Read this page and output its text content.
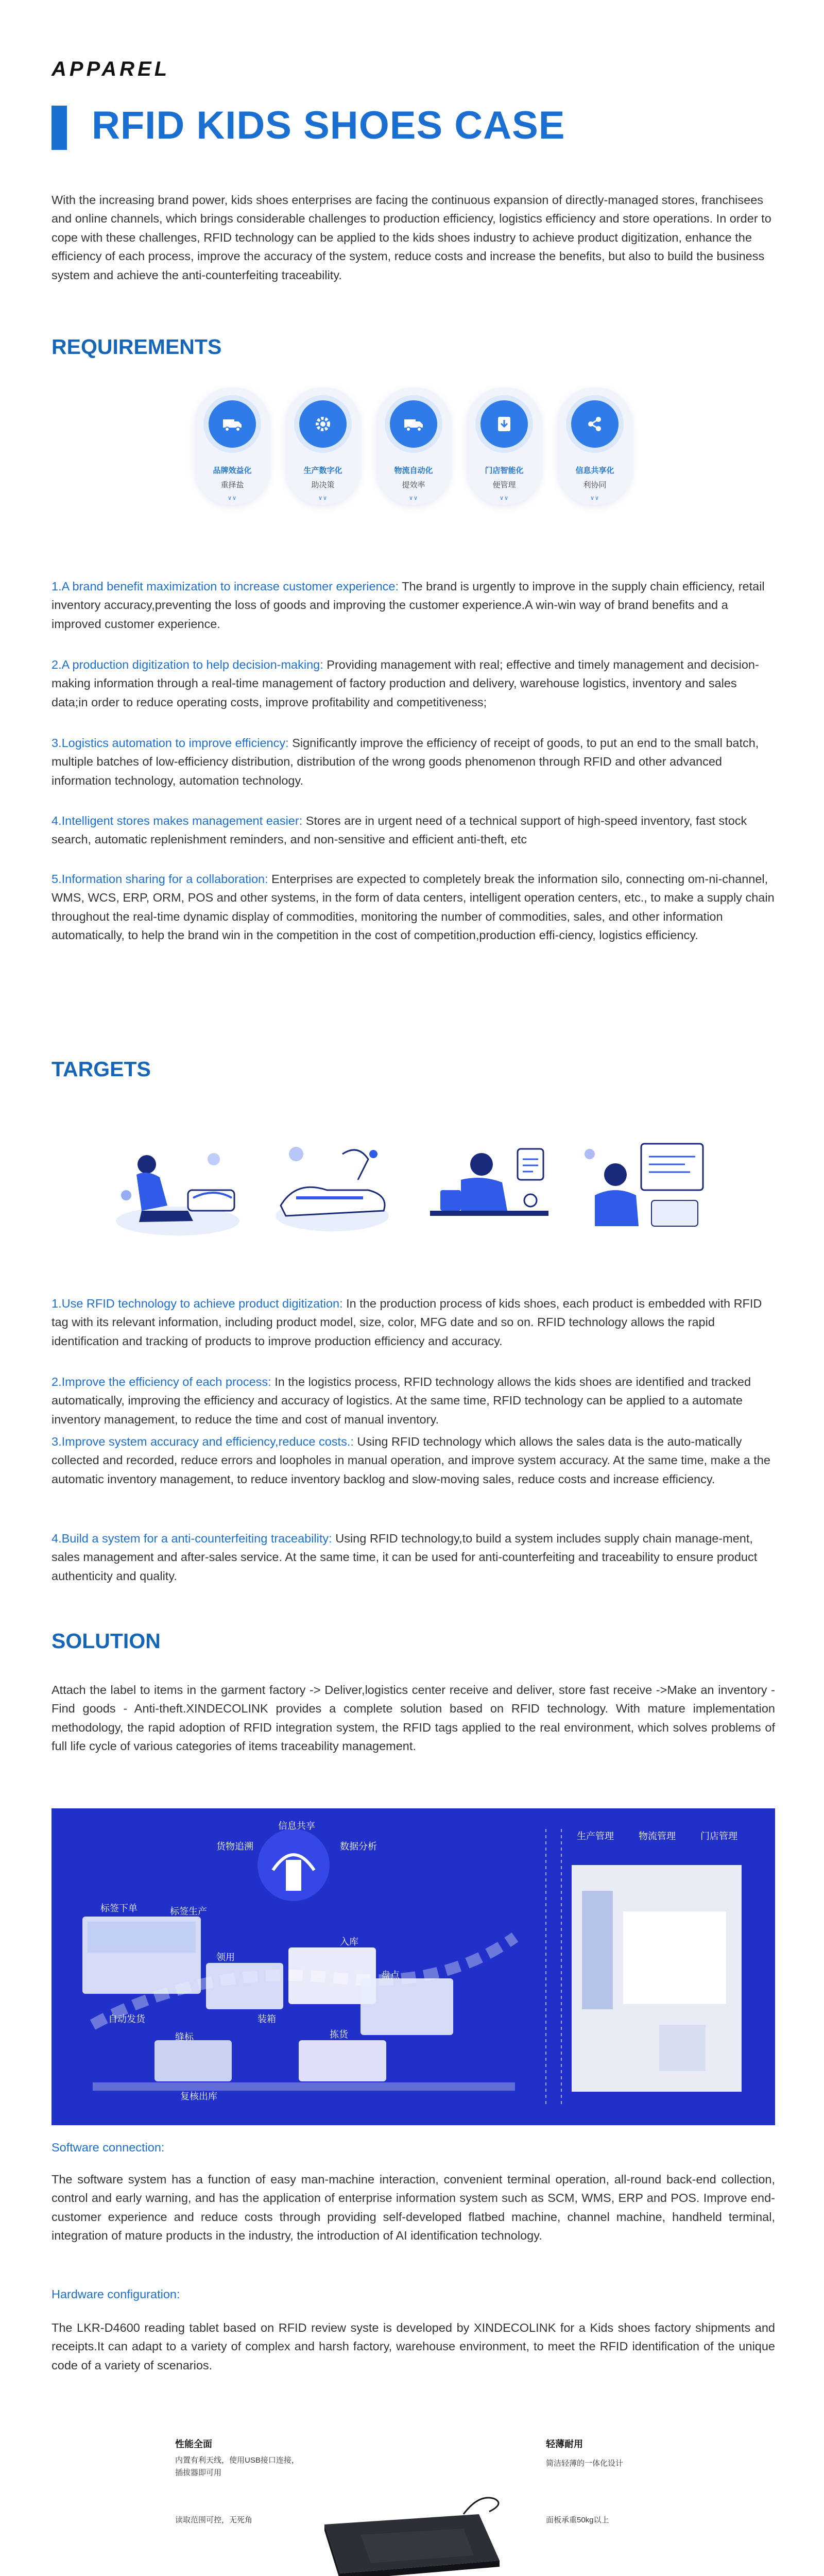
APPAREL
RFID KIDS SHOES CASE

With the increasing brand power, kids shoes enterprises are facing the continuous expansion of directly-managed stores, franchisees and online channels, which brings considerable challenges to production efficiency, logistics efficiency and store operations. In order to cope with these challenges, RFID technology can be applied to the kids shoes industry to achieve product digitization, enhance the efficiency of each process, improve the accuracy of the system, reduce costs and increase the benefits, but also to build the business system and achieve the anti-counterfeiting traceability.

REQUIREMENTS
品牌效益化
重择盐
∨∨
生产数字化
助决策
∨∨
物流自动化
提效率
∨∨
门店智能化
便管理
∨∨
信息共享化
利协同
∨∨

1.A brand benefit maximization to increase customer experience: The brand is urgently to improve in the supply chain efficiency, retail inventory accuracy,preventing the loss of goods and improving the customer experience.A win-win way of brand benefits and a improved customer experience.

2.A production digitization to help decision-making: Providing management with real; effective and timely management and decision-making information through a real-time management of factory production and delivery, warehouse logistics, inventory and sales data;in order to reduce operating costs, improve profitability and competitiveness;

3.Logistics automation to improve efficiency: Significantly improve the efficiency of receipt of goods, to put an end to the small batch, multiple batches of low-efficiency distribution, distribution of the wrong goods phenomenon through RFID and other advanced information technology, automation technology.

4.Intelligent stores makes management easier: Stores are in urgent need of a technical support of high-speed inventory, fast stock search, automatic replenishment reminders, and non-sensitive and efficient anti-theft, etc

5.Information sharing for a collaboration: Enterprises are expected to completely break the information silo, connecting om-ni-channel, WMS, WCS, ERP, ORM, POS and other systems, in the form of data centers, intelligent operation centers, etc., to make a supply chain throughout the real-time dynamic display of commodities, monitoring the number of commodities, sales, and other information automatically, to help the brand win in the competition in the cost of competition,production effi-ciency, logistics efficiency.

TARGETS

1.Use RFID technology to achieve product digitization: In the production process of kids shoes, each product is embedded with RFID tag with its relevant information, including product model, size, color, MFG date and so on. RFID technology allows the rapid identification and tracking of products to improve production efficiency and accuracy.

2.Improve the efficiency of each process: In the logistics process, RFID technology allows the kids shoes are identified and tracked automatically, improving the efficiency and accuracy of logistics. At the same time, RFID technology can be applied to a automate inventory management, to reduce the time and cost of manual inventory.

3.Improve system accuracy and efficiency,reduce costs.: Using RFID technology which allows the sales data is the auto-matically collected and recorded, reduce errors and loopholes in manual operation, and improve system accuracy. At the same time, make a the automatic inventory management, to reduce inventory backlog and slow-moving sales, reduce costs and increase efficiency.

4.Build a system for a anti-counterfeiting traceability: Using RFID technology,to build a system includes supply chain manage-ment, sales management and after-sales service. At the same time, it can be used for anti-counterfeiting and traceability to ensure product authenticity and quality.

SOLUTION

Attach the label to items in the garment factory -> Deliver,logistics center receive and deliver, store fast receive ->Make an inventory - Find goods - Anti-theft.XINDECOLINK provides a complete solution based on RFID technology. With mature implementation methodology, the rapid adoption of RFID integration system, the RFID tags applied to the real environment, which solves problems of full life cycle of various categories of items traceability management.

标签下单	标签生产
自动发货
领用
缝标
装箱
入库
盘点
复核出库
拣货
货物追溯	数据分析
信息共享
生产管理	物流管理	门店管理
Software connection:

The software system has a function of easy man-machine interaction, convenient terminal operation, all-round back-end collection, control and early warning, and has the application of enterprise information system such as SCM, WMS, ERP and POS. Improve end-customer experience and reduce costs through providing self-developed flatbed machine, channel machine, handheld terminal, integration of mature products in the industry, the introduction of AI identification technology.

Hardware configuration:

The LKR-D4600 reading tablet based on RFID review syste is developed by XINDECOLINK for a Kids shoes factory shipments and receipts.It can adapt to a variety of complex and harsh factory, warehouse environment, to meet the RFID identification of the unique code of a variety of scenarios.

性能全面
内置有利天线，使用USB接口连接，
插拔器即可用
读取范围可控，无死角
轻薄耐用
简洁轻薄的一体化设计
面板承重50kg以上
